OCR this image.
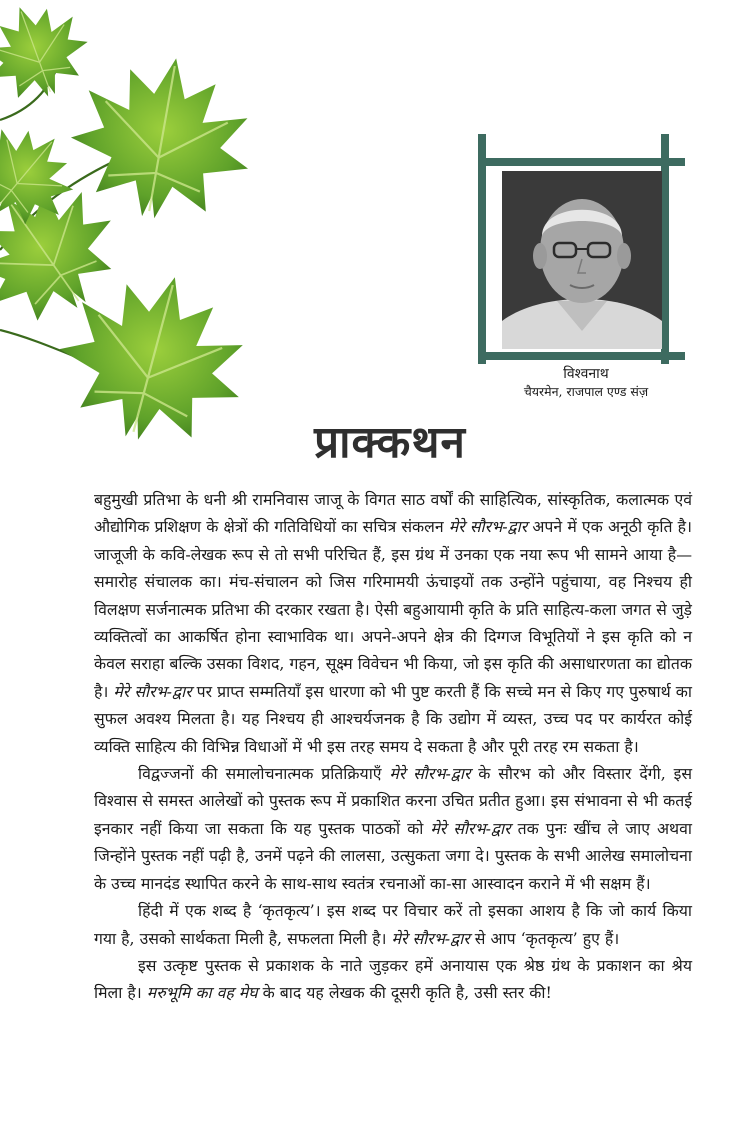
विश्वनाथ
चैयरमेन, राजपाल एण्ड संज़
प्राक्कथन

बहुमुखी प्रतिभा के धनी श्री रामनिवास जाजू के विगत साठ वर्षों की साहित्यिक, सांस्कृतिक, कलात्मक एवं औद्योगिक प्रशिक्षण के क्षेत्रों की गतिविधियों का सचित्र संकलन मेरे सौरभ-द्वार अपने में एक अनूठी कृति है। जाजूजी के कवि-लेखक रूप से तो सभी परिचित हैं, इस ग्रंथ में उनका एक नया रूप भी सामने आया है—समारोह संचालक का। मंच-संचालन को जिस गरिमामयी ऊंचाइयों तक उन्होंने पहुंचाया, वह निश्चय ही विलक्षण सर्जनात्मक प्रतिभा की दरकार रखता है। ऐसी बहुआयामी कृति के प्रति साहित्य-कला जगत से जुड़े व्यक्तित्वों का आकर्षित होना स्वाभाविक था। अपने-अपने क्षेत्र की दिग्गज विभूतियों ने इस कृति को न केवल सराहा बल्कि उसका विशद, गहन, सूक्ष्म विवेचन भी किया, जो इस कृति की असाधारणता का द्योतक है। मेरे सौरभ-द्वार पर प्राप्त सम्मतियाँ इस धारणा को भी पुष्ट करती हैं कि सच्चे मन से किए गए पुरुषार्थ का सुफल अवश्य मिलता है। यह निश्चय ही आश्चर्यजनक है कि उद्योग में व्यस्त, उच्च पद पर कार्यरत कोई व्यक्ति साहित्य की विभिन्न विधाओं में भी इस तरह समय दे सकता है और पूरी तरह रम सकता है।

विद्वज्जनों की समालोचनात्मक प्रतिक्रियाएँ मेरे सौरभ-द्वार के सौरभ को और विस्तार देंगी, इस विश्वास से समस्त आलेखों को पुस्तक रूप में प्रकाशित करना उचित प्रतीत हुआ। इस संभावना से भी कतई इनकार नहीं किया जा सकता कि यह पुस्तक पाठकों को मेरे सौरभ-द्वार तक पुनः खींच ले जाए अथवा जिन्होंने पुस्तक नहीं पढ़ी है, उनमें पढ़ने की लालसा, उत्सुकता जगा दे। पुस्तक के सभी आलेख समालोचना के उच्च मानदंड स्थापित करने के साथ-साथ स्वतंत्र रचनाओं का-सा आस्वादन कराने में भी सक्षम हैं।

हिंदी में एक शब्द है ‘कृतकृत्य’। इस शब्द पर विचार करें तो इसका आशय है कि जो कार्य किया गया है, उसको सार्थकता मिली है, सफलता मिली है। मेरे सौरभ-द्वार से आप ‘कृतकृत्य’ हुए हैं।

इस उत्कृष्ट पुस्तक से प्रकाशक के नाते जुड़कर हमें अनायास एक श्रेष्ठ ग्रंथ के प्रकाशन का श्रेय मिला है। मरुभूमि का वह मेघ के बाद यह लेखक की दूसरी कृति है, उसी स्तर की!
